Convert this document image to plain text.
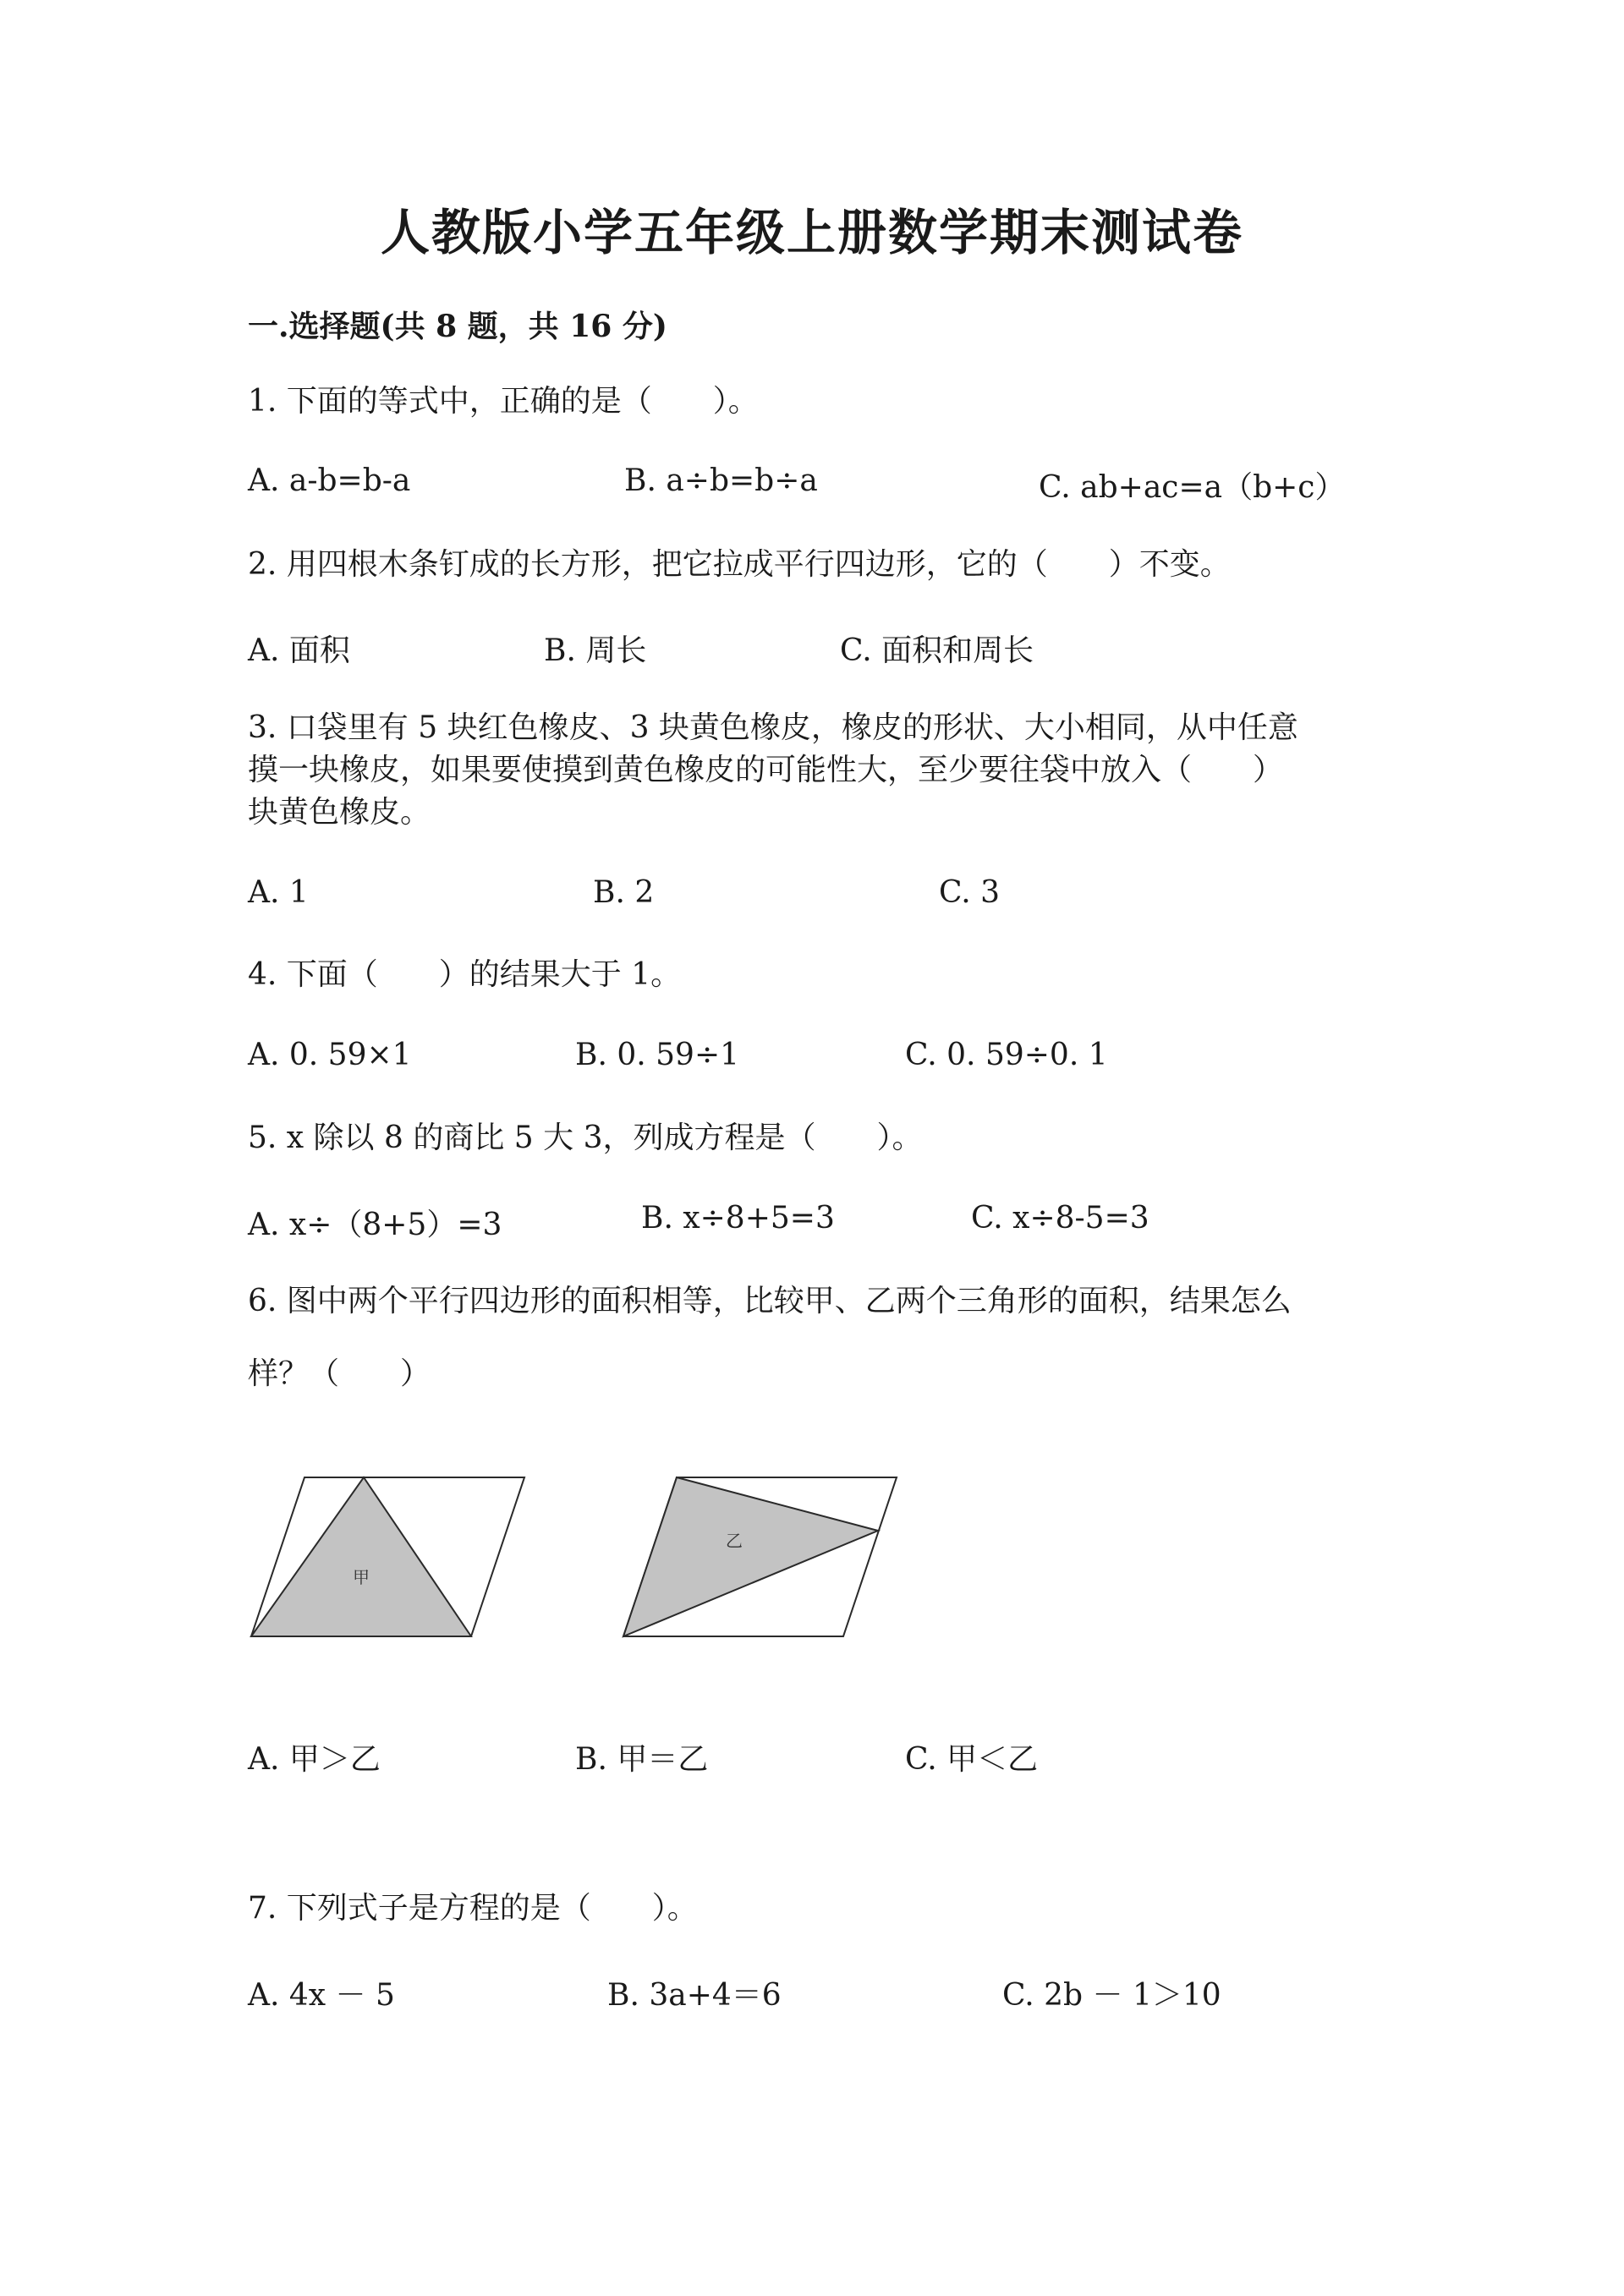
人教版小学五年级上册数学期末测试卷
一.选择题(共 8 题，共 16 分)
1. 下面的等式中，正确的是（　　）。
A. a-b=b-a	B. a÷b=b÷a	C. ab+ac=a（b+c）
2. 用四根木条钉成的长方形，把它拉成平行四边形，它的（　　）不变。
A. 面积	B. 周长	C. 面积和周长
3. 口袋里有 5 块红色橡皮、3 块黄色橡皮，橡皮的形状、大小相同，从中任意
摸一块橡皮，如果要使摸到黄色橡皮的可能性大，至少要往袋中放入（　　）
块黄色橡皮。
A. 1	B. 2	C. 3
4. 下面（　　）的结果大于 1。
A. 0. 59×1	B. 0. 59÷1	C. 0. 59÷0. 1
5. x 除以 8 的商比 5 大 3，列成方程是（　　）。
A. x÷（8+5）=3	B. x÷8+5=3	C. x÷8-5=3
6. 图中两个平行四边形的面积相等，比较甲、乙两个三角形的面积，结果怎么
样？（　　）
甲
乙
A. 甲＞乙	B. 甲＝乙	C. 甲＜乙
7. 下列式子是方程的是（　　）。
A. 4x － 5	B. 3a+4＝6	C. 2b － 1＞10
